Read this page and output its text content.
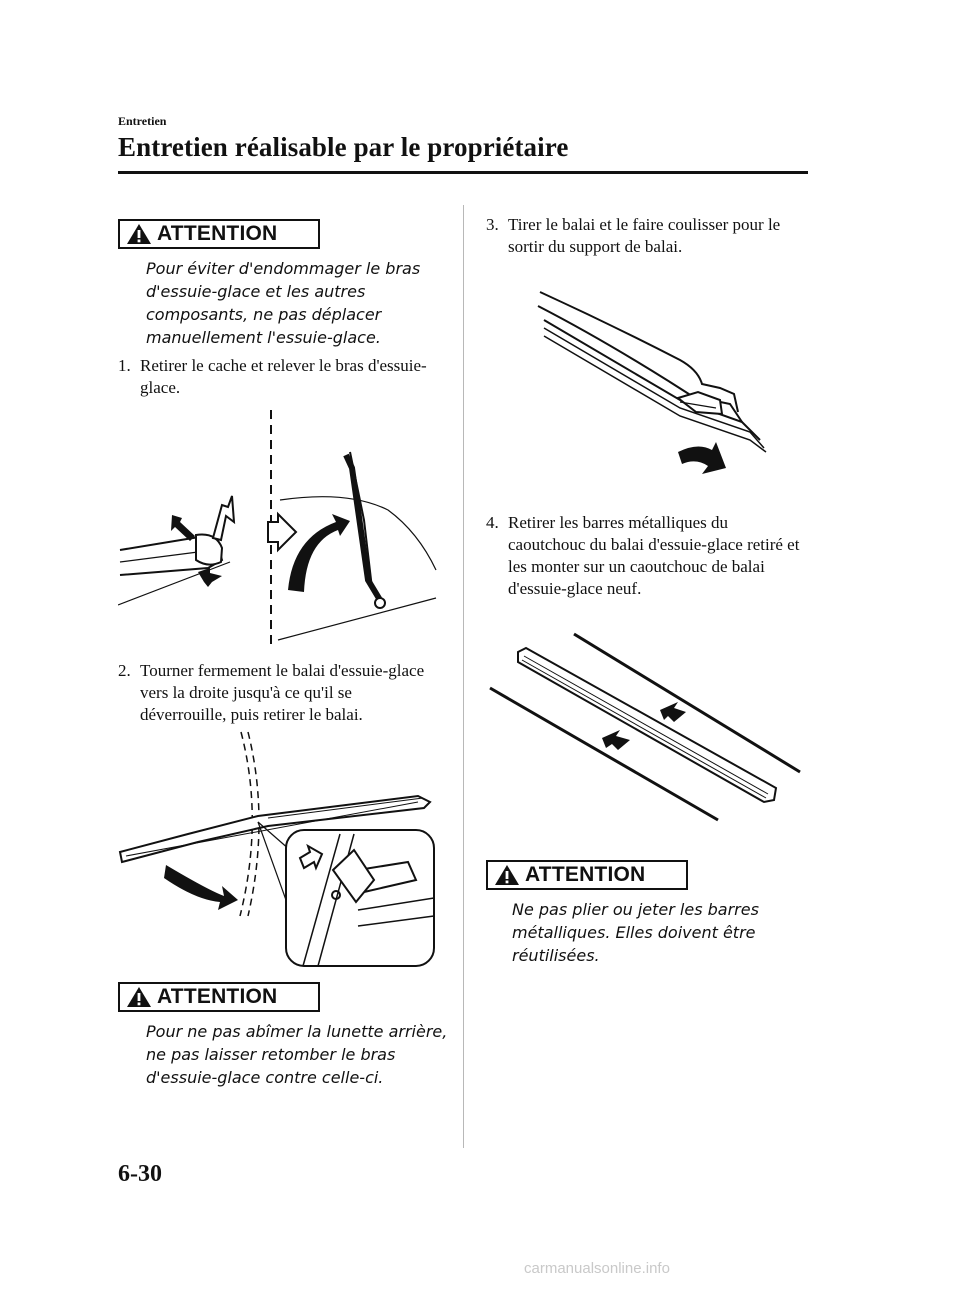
Entretien
Entretien réalisable par le propriétaire
ATTENTION
Pour éviter d'endommager le bras d'essuie-glace et les autres composants, ne pas déplacer manuellement l'essuie-glace.
1. Retirer le cache et relever le bras d'essuie-glace.
2. Tourner fermement le balai d'essuie-glace vers la droite jusqu'à ce qu'il se déverrouille, puis retirer le balai.
ATTENTION
Pour ne pas abîmer la lunette arrière, ne pas laisser retomber le bras d'essuie-glace contre celle-ci.
3. Tirer le balai et le faire coulisser pour le sortir du support de balai.
4. Retirer les barres métalliques du caoutchouc du balai d'essuie-glace retiré et les monter sur un caoutchouc de balai d'essuie-glace neuf.
ATTENTION
Ne pas plier ou jeter les barres métalliques. Elles doivent être réutilisées.
6-30
carmanualsonline.info
